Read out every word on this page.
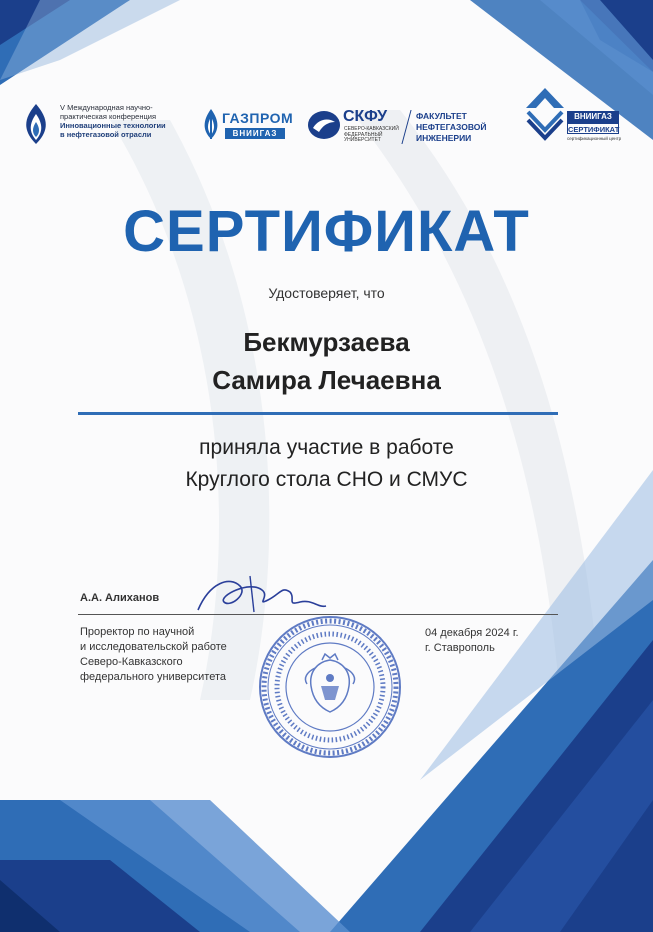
V Международная научно-
практическая конференция
Инновационные технологии
в нефтегазовой отрасли
ГАЗПРОМ
ВНИИГАЗ
СКФУ
СЕВЕРО-КАВКАЗСКИЙ
ФЕДЕРАЛЬНЫЙ
УНИВЕРСИТЕТ
ФАКУЛЬТЕТ
НЕФТЕГАЗОВОЙ
ИНЖЕНЕРИИ
ВНИИГАЗ
СЕРТИФИКАТ
сертификационный центр
СЕРТИФИКАТ
Удостоверяет, что
Бекмурзаева
Самира Лечаевна
приняла участие в работе
Круглого стола СНО и СМУС
А.А. Алиханов
Проректор по научной
и исследовательской работе
Северо-Кавказского
федерального университета
04 декабря 2024 г.
г. Ставрополь
